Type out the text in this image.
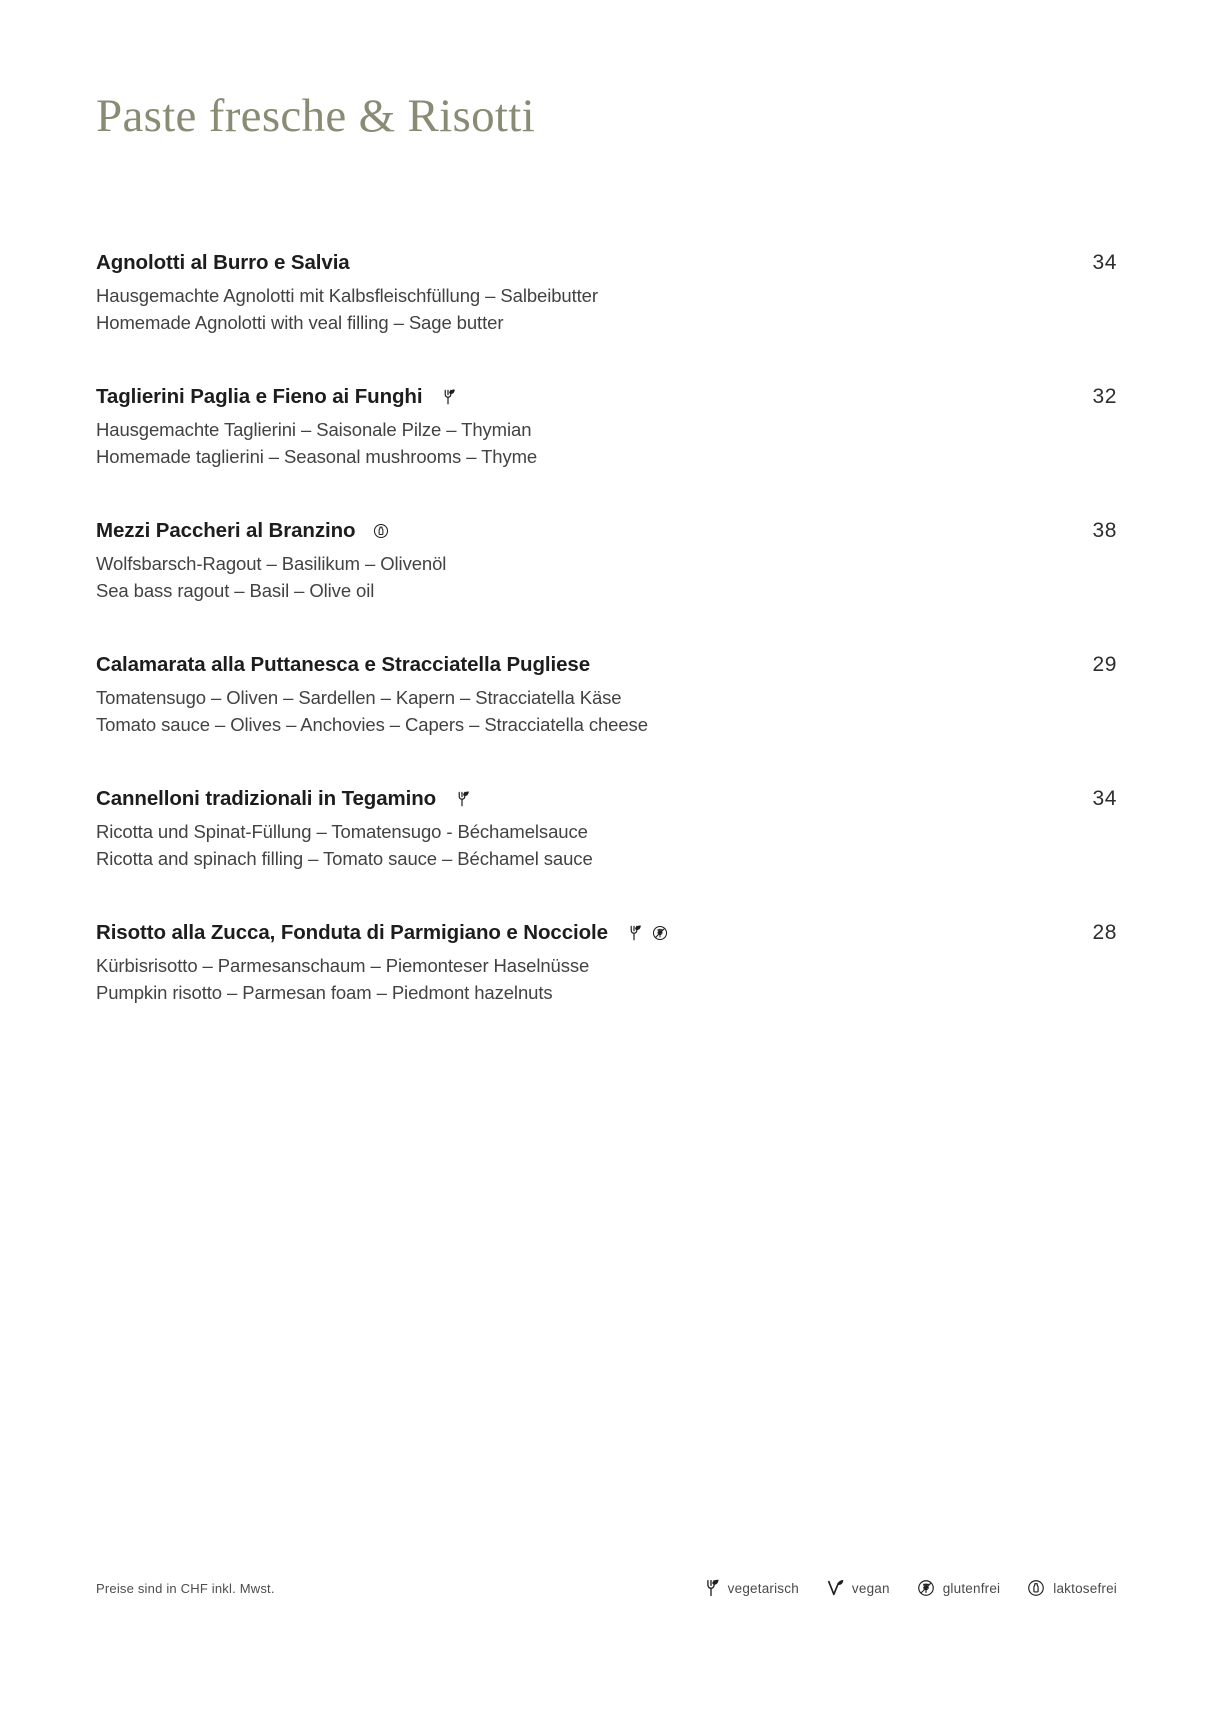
Paste fresche & Risotti
Agnolotti al Burro e Salvia	34

Hausgemachte Agnolotti mit Kalbsfleischfüllung – Salbeibutter

Homemade Agnolotti with veal filling – Sage butter

Taglierini Paglia e Fieno ai Funghi	32

Hausgemachte Taglierini – Saisonale Pilze – Thymian

Homemade taglierini – Seasonal mushrooms – Thyme

Mezzi Paccheri al Branzino	38

Wolfsbarsch-Ragout – Basilikum – Olivenöl

Sea bass ragout – Basil – Olive oil

Calamarata alla Puttanesca e Stracciatella Pugliese	29

Tomatensugo – Oliven – Sardellen – Kapern – Stracciatella Käse

Tomato sauce – Olives – Anchovies – Capers – Stracciatella cheese

Cannelloni tradizionali in Tegamino	34

Ricotta und Spinat-Füllung – Tomatensugo - Béchamelsauce

Ricotta and spinach filling – Tomato sauce – Béchamel sauce

Risotto alla Zucca, Fonduta di Parmigiano e Nocciole	28

Kürbisrisotto – Parmesanschaum – Piemonteser Haselnüsse

Pumpkin risotto – Parmesan foam – Piedmont hazelnuts

Preise sind in CHF inkl. Mwst.	vegetarisch	vegan	glutenfrei	laktosefrei
